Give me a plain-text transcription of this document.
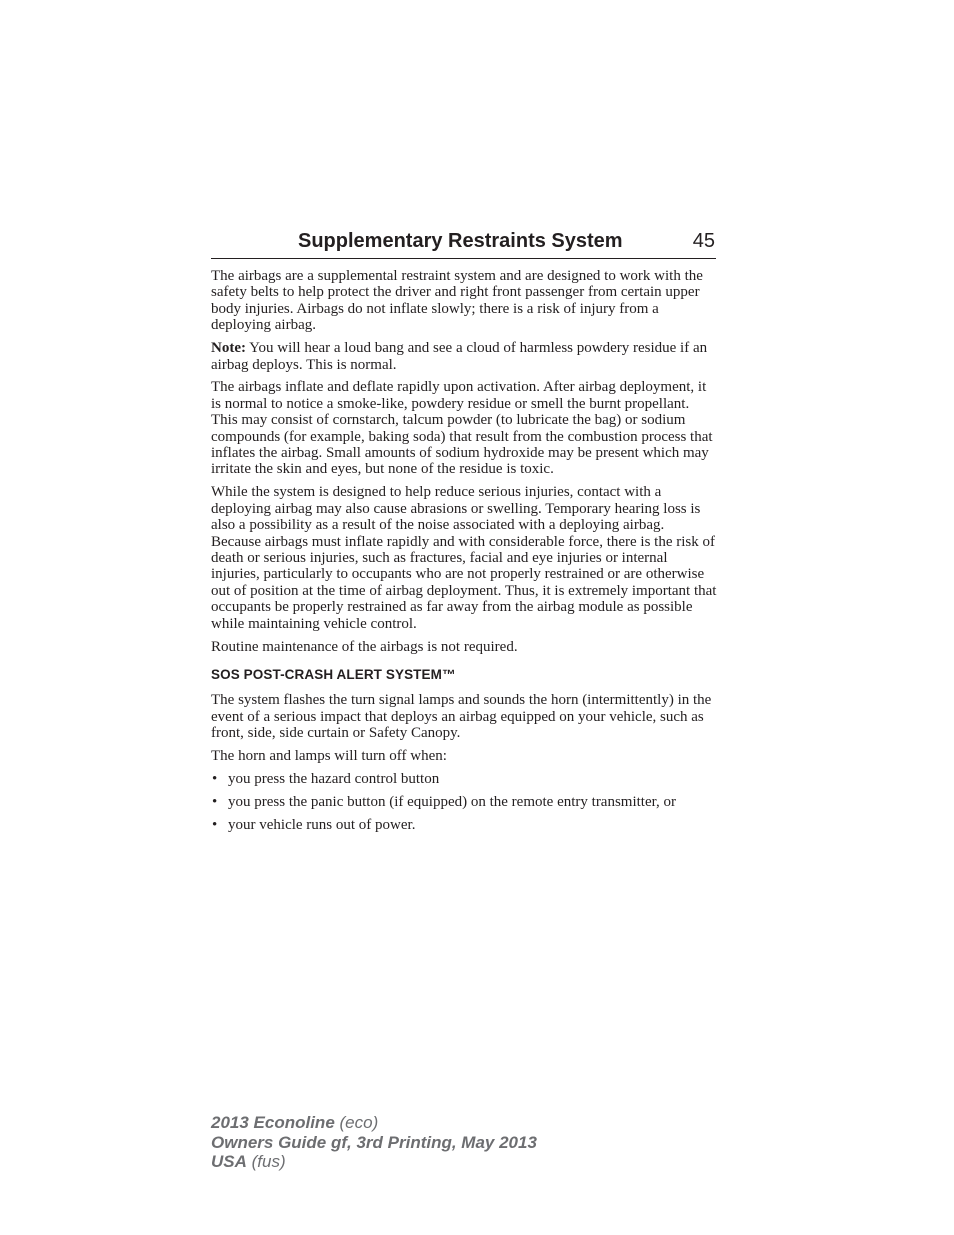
Supplementary Restraints System	45

The airbags are a supplemental restraint system and are designed to work with the safety belts to help protect the driver and right front passenger from certain upper body injuries. Airbags do not inflate slowly; there is a risk of injury from a deploying airbag.

Note: You will hear a loud bang and see a cloud of harmless powdery residue if an airbag deploys. This is normal.

The airbags inflate and deflate rapidly upon activation. After airbag deployment, it is normal to notice a smoke-like, powdery residue or smell the burnt propellant. This may consist of cornstarch, talcum powder (to lubricate the bag) or sodium compounds (for example, baking soda) that result from the combustion process that inflates the airbag. Small amounts of sodium hydroxide may be present which may irritate the skin and eyes, but none of the residue is toxic.

While the system is designed to help reduce serious injuries, contact with a deploying airbag may also cause abrasions or swelling. Temporary hearing loss is also a possibility as a result of the noise associated with a deploying airbag. Because airbags must inflate rapidly and with considerable force, there is the risk of death or serious injuries, such as fractures, facial and eye injuries or internal injuries, particularly to occupants who are not properly restrained or are otherwise out of position at the time of airbag deployment. Thus, it is extremely important that occupants be properly restrained as far away from the airbag module as possible while maintaining vehicle control.

Routine maintenance of the airbags is not required.

SOS POST-CRASH ALERT SYSTEM™

The system flashes the turn signal lamps and sounds the horn (intermittently) in the event of a serious impact that deploys an airbag equipped on your vehicle, such as front, side, side curtain or Safety Canopy.

The horn and lamps will turn off when:

• you press the hazard control button
• you press the panic button (if equipped) on the remote entry transmitter, or
• your vehicle runs out of power.
2013 Econoline (eco)
Owners Guide gf, 3rd Printing, May 2013
USA (fus)
